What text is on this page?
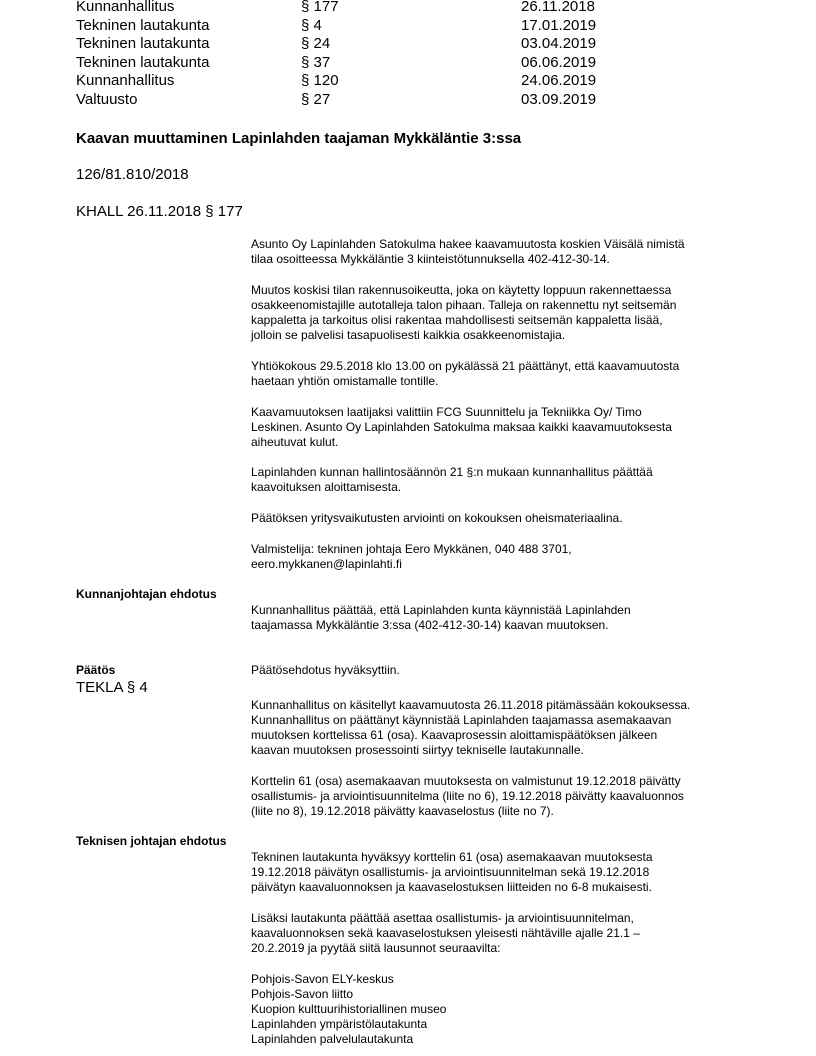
Kunnanhallitus	§ 177	26.11.2018
Tekninen lautakunta	§ 4	17.01.2019
Tekninen lautakunta	§ 24	03.04.2019
Tekninen lautakunta	§ 37	06.06.2019
Kunnanhallitus	§ 120	24.06.2019
Valtuusto	§ 27	03.09.2019
Kaavan muuttaminen Lapinlahden taajaman Mykkäläntie 3:ssa
126/81.810/2018
KHALL 26.11.2018 § 177
Asunto Oy Lapinlahden Satokulma hakee kaavamuutosta koskien Väisälä nimistä
tilaa osoitteessa Mykkäläntie 3 kiinteistötunnuksella 402-412-30-14.
Muutos koskisi tilan rakennusoikeutta, joka on käytetty loppuun rakennettaessa
osakkeenomistajille autotalleja talon pihaan. Talleja on rakennettu nyt seitsemän
kappaletta ja tarkoitus olisi rakentaa mahdollisesti seitsemän kappaletta lisää,
jolloin se palvelisi tasapuolisesti kaikkia osakkeenomistajia.
Yhtiökokous 29.5.2018 klo 13.00 on pykälässä 21 päättänyt, että kaavamuutosta
haetaan yhtiön omistamalle tontille.
Kaavamuutoksen laatijaksi valittiin FCG Suunnittelu ja Tekniikka Oy/ Timo
Leskinen. Asunto Oy Lapinlahden Satokulma maksaa kaikki kaavamuutoksesta
aiheutuvat kulut.
Lapinlahden kunnan hallintosäännön 21 §:n mukaan kunnanhallitus päättää
kaavoituksen aloittamisesta.
Päätöksen yritysvaikutusten arviointi on kokouksen oheismateriaalina.
Valmistelija: tekninen johtaja Eero Mykkänen, 040 488 3701,
eero.mykkanen@lapinlahti.fi
Kunnanjohtajan ehdotus
Kunnanhallitus päättää, että Lapinlahden kunta käynnistää Lapinlahden
taajamassa Mykkäläntie 3:ssa (402-412-30-14) kaavan muutoksen.
Päätös	Päätösehdotus hyväksyttiin.
TEKLA § 4
Kunnanhallitus on käsitellyt kaavamuutosta 26.11.2018 pitämässään kokouksessa.
Kunnanhallitus on päättänyt käynnistää Lapinlahden taajamassa asemakaavan
muutoksen korttelissa 61 (osa). Kaavaprosessin aloittamispäätöksen jälkeen
kaavan muutoksen prosessointi siirtyy tekniselle lautakunnalle.
Korttelin 61 (osa) asemakaavan muutoksesta on valmistunut 19.12.2018 päivätty
osallistumis- ja arviointisuunnitelma (liite no 6), 19.12.2018 päivätty kaavaluonnos
(liite no 8), 19.12.2018 päivätty kaavaselostus (liite no 7).
Teknisen johtajan ehdotus
Tekninen lautakunta hyväksyy korttelin 61 (osa) asemakaavan muutoksesta
19.12.2018 päivätyn osallistumis- ja arviointisuunnitelman sekä 19.12.2018
päivätyn kaavaluonnoksen ja kaavaselostuksen liitteiden no 6-8 mukaisesti.
Lisäksi lautakunta päättää asettaa osallistumis- ja arviointisuunnitelman,
kaavaluonnoksen sekä kaavaselostuksen yleisesti nähtäville ajalle 21.1 –
20.2.2019 ja pyytää siitä lausunnot seuraavilta:
Pohjois-Savon ELY-keskus
Pohjois-Savon liitto
Kuopion kulttuurihistoriallinen museo
Lapinlahden ympäristölautakunta
Lapinlahden palvelulautakunta
